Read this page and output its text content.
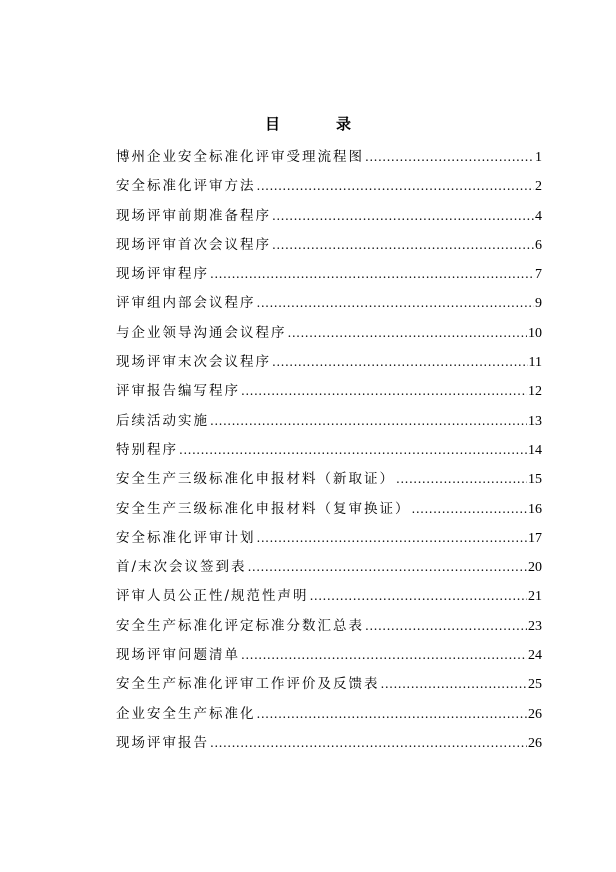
目	录
博州企业安全标准化评审受理流程图 .....	1
安全标准化评审方法 .....	2
现场评审前期准备程序 .....	4
现场评审首次会议程序 .....	6
现场评审程序 .....	7
评审组内部会议程序 .....	9
与企业领导沟通会议程序 .....	10
现场评审末次会议程序 .....	11
评审报告编写程序 .....	12
后续活动实施 .....	13
特别程序 .....	14
安全生产三级标准化申报材料（新取证） .....	15
安全生产三级标准化申报材料（复审换证） .....	16
安全标准化评审计划 .....	17
首/末次会议签到表 .....	20
评审人员公正性/规范性声明 .....	21
安全生产标准化评定标准分数汇总表 .....	23
现场评审问题清单 .....	24
安全生产标准化评审工作评价及反馈表 .....	25
企业安全生产标准化 .....	26
现场评审报告 .....	26
